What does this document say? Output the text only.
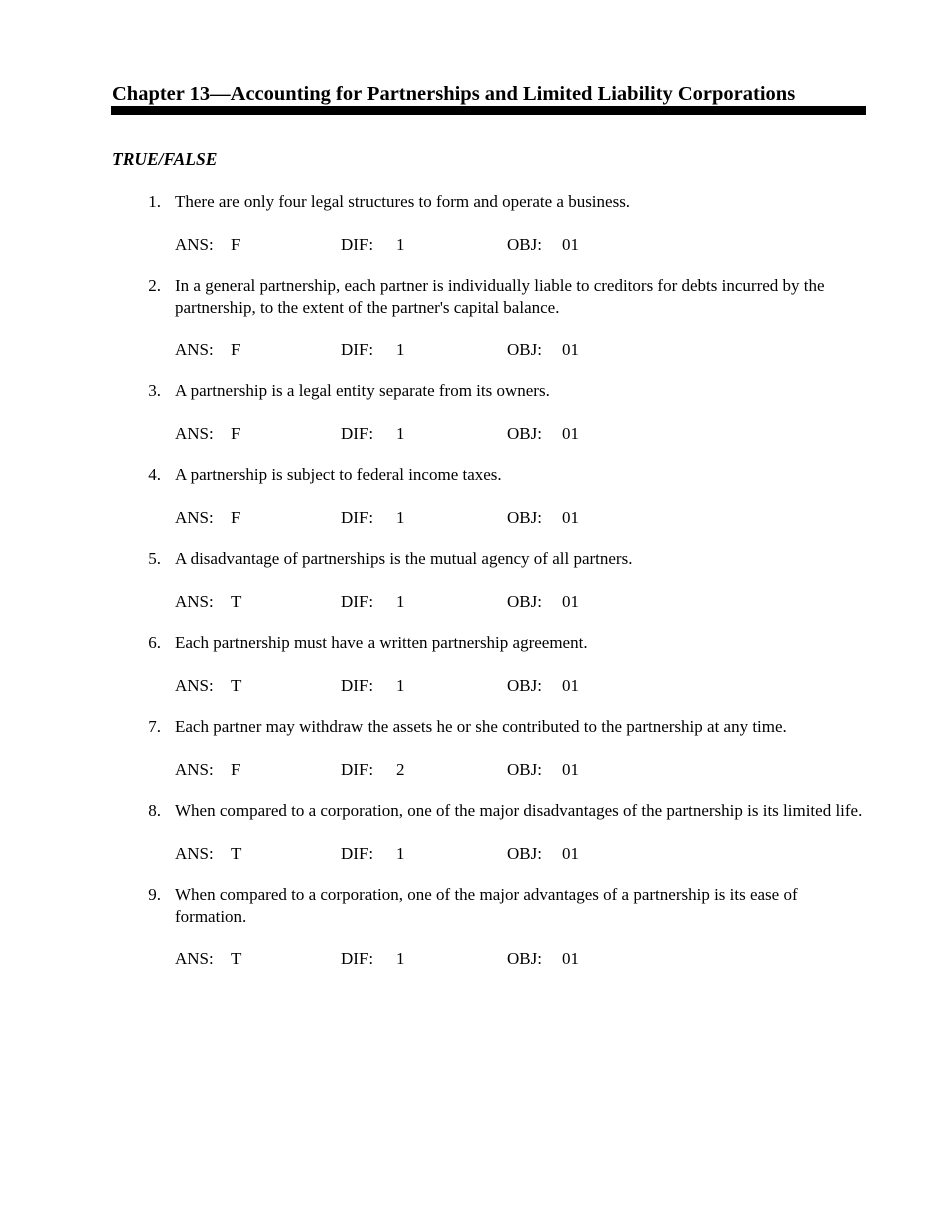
Chapter 13—Accounting for Partnerships and Limited Liability Corporations
TRUE/FALSE
1. There are only four legal structures to form and operate a business.
ANS: F	DIF: 1	OBJ: 01
2. In a general partnership, each partner is individually liable to creditors for debts incurred by the partnership, to the extent of the partner's capital balance.
ANS: F	DIF: 1	OBJ: 01
3. A partnership is a legal entity separate from its owners.
ANS: F	DIF: 1	OBJ: 01
4. A partnership is subject to federal income taxes.
ANS: F	DIF: 1	OBJ: 01
5. A disadvantage of partnerships is the mutual agency of all partners.
ANS: T	DIF: 1	OBJ: 01
6. Each partnership must have a written partnership agreement.
ANS: T	DIF: 1	OBJ: 01
7. Each partner may withdraw the assets he or she contributed to the partnership at any time.
ANS: F	DIF: 2	OBJ: 01
8. When compared to a corporation, one of the major disadvantages of the partnership is its limited life.
ANS: T	DIF: 1	OBJ: 01
9. When compared to a corporation, one of the major advantages of a partnership is its ease of formation.
ANS: T	DIF: 1	OBJ: 01
